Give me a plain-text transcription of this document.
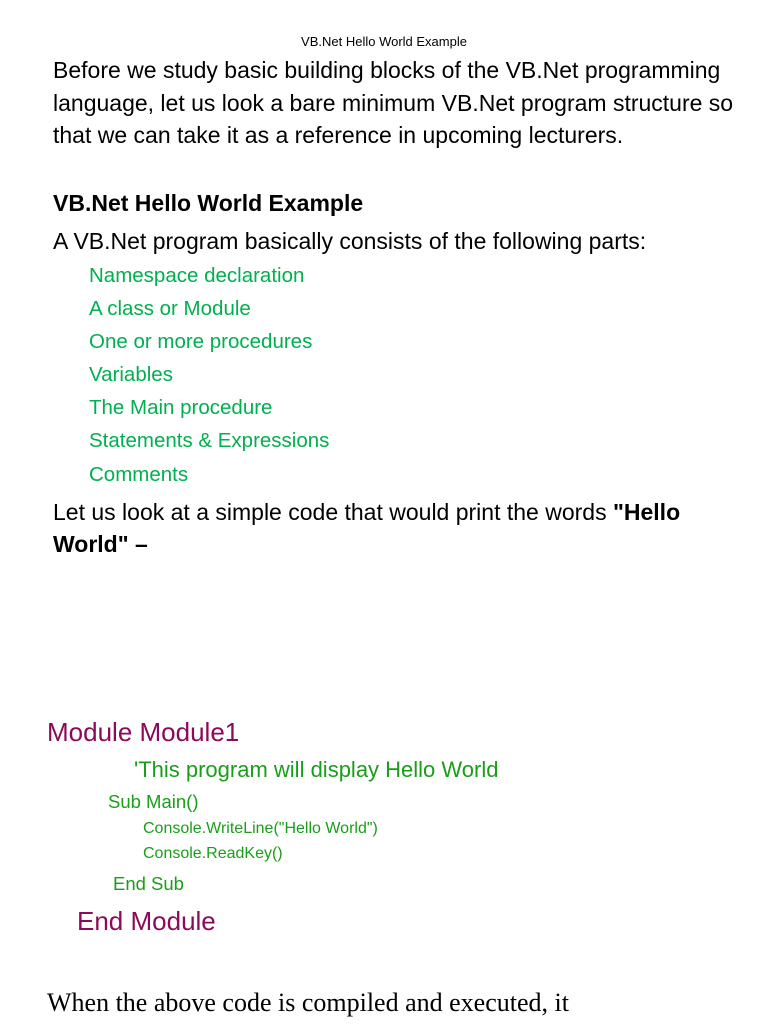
VB.Net Hello World Example

Before we study basic building blocks of the VB.Net programming language, let us look a bare minimum VB.Net program structure so that we can take it as a reference in upcoming lecturers.

VB.Net Hello World Example

A VB.Net program basically consists of the following parts:

Namespace declaration
A class or Module
One or more procedures
Variables
The Main procedure
Statements & Expressions
Comments

Let us look at a simple code that would print the words "Hello World" –

Module Module1
'This program will display Hello World
Sub Main()
Console.WriteLine("Hello World")
Console.ReadKey()
End Sub
End Module

When the above code is compiled and executed, it
